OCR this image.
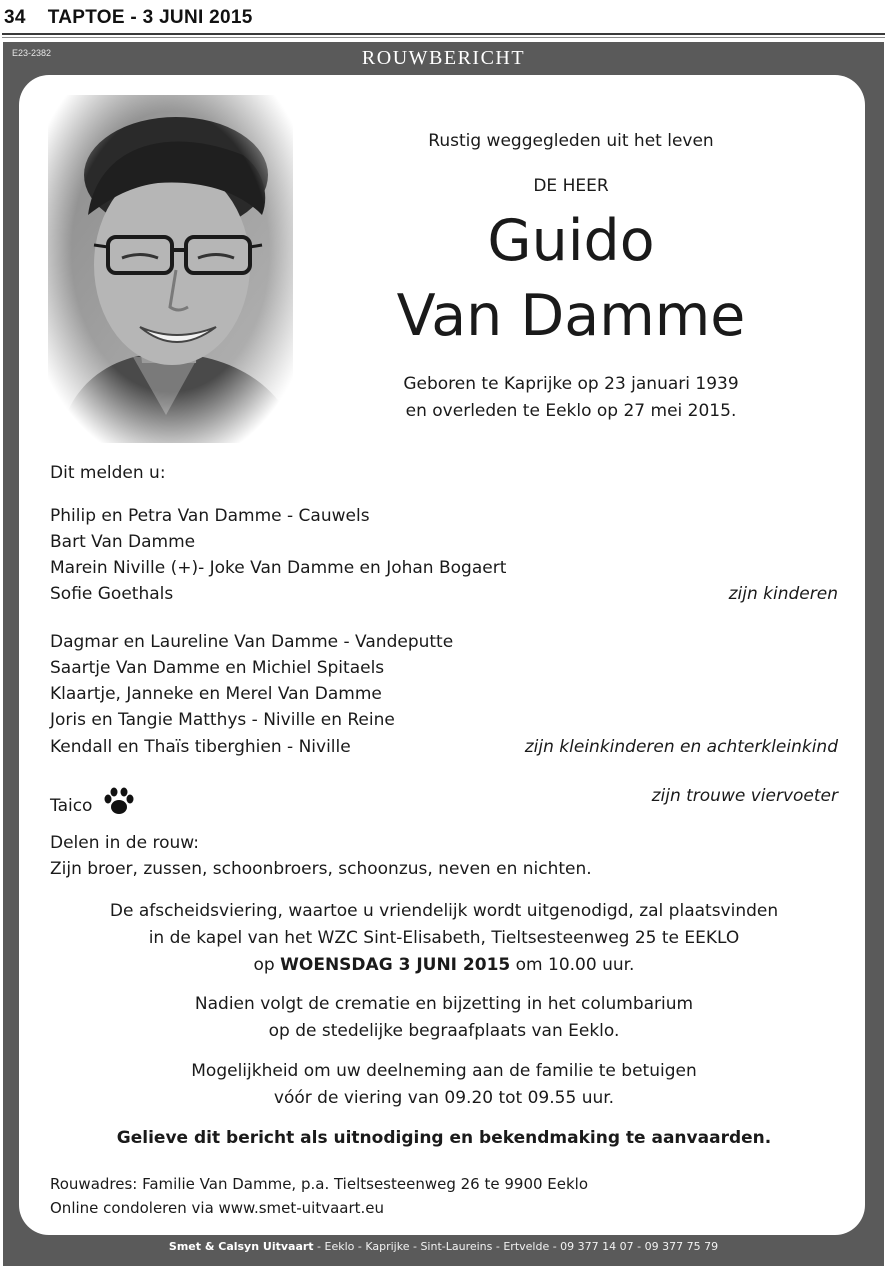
34 TAPTOE - 3 JUNI 2015
E23-2382	ROUWBERICHT
Rustig weggegleden uit het leven
DE HEER
Guido
Van Damme
Geboren te Kaprijke op 23 januari 1939
en overleden te Eeklo op 27 mei 2015.
Dit melden u:
Philip en Petra Van Damme - Cauwels
Bart Van Damme
Marein Niville (+)- Joke Van Damme en Johan Bogaert
Sofie Goethals	zijn kinderen
Dagmar en Laureline Van Damme - Vandeputte
Saartje Van Damme en Michiel Spitaels
Klaartje, Janneke en Merel Van Damme
Joris en Tangie Matthys - Niville en Reine
Kendall en Thaïs tiberghien - Niville	zijn kleinkinderen en achterkleinkind
Taico	zijn trouwe viervoeter
Delen in de rouw:
Zijn broer, zussen, schoonbroers, schoonzus, neven en nichten.
De afscheidsviering, waartoe u vriendelijk wordt uitgenodigd, zal plaatsvinden
in de kapel van het WZC Sint-Elisabeth, Tieltsesteenweg 25 te EEKLO
op WOENSDAG 3 JUNI 2015 om 10.00 uur.
Nadien volgt de crematie en bijzetting in het columbarium
op de stedelijke begraafplaats van Eeklo.
Mogelijkheid om uw deelneming aan de familie te betuigen
vóór de viering van 09.20 tot 09.55 uur.
Gelieve dit bericht als uitnodiging en bekendmaking te aanvaarden.
Rouwadres: Familie Van Damme, p.a. Tieltsesteenweg 26 te 9900 Eeklo
Online condoleren via www.smet-uitvaart.eu
Smet & Calsyn Uitvaart - Eeklo - Kaprijke - Sint-Laureins - Ertvelde - 09 377 14 07 - 09 377 75 79
